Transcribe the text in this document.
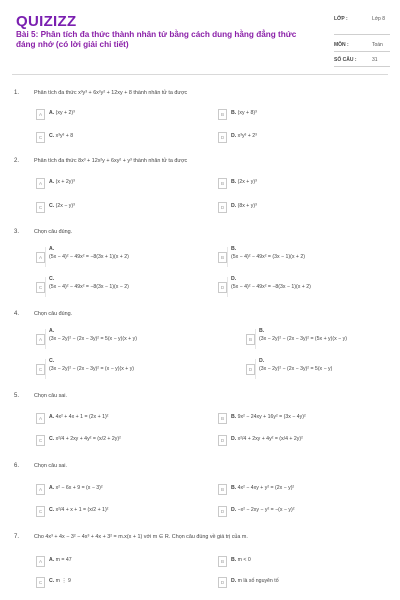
QUIZIZZ
Bài 5: Phân tích đa thức thành nhân tử bằng cách dung hằng đẳng thức đáng nhớ (có lời giải chi tiết)
LỚP :	Lớp 8
MÔN :	Toán
SỐ CÂU :	31
1.	Phân tích đa thức x³y³ + 6x²y² + 12xy + 8 thành nhân tử ta được
A	A. (xy + 2)³	B	B. (xy + 8)³
C	C. x³y³ + 8	D	D. x³y³ + 2³
2.	Phân tích đa thức 8x³ + 12x²y + 6xy² + y³ thành nhân tử ta được
A	A. (x + 2y)³	B	B. (2x + y)³
C	C. (2x − y)³	D	D. (8x + y)³
3.	Chọn câu đúng.
A
A.
(5x − 4)² − 49x² = −8(3x + 1)(x + 2)	B
B.
(5x − 4)² − 49x² = (3x − 1)(x + 2)
C
C.
(5x − 4)² − 49x² = −8(3x − 1)(x − 2)	D
D.
(5x − 4)² − 49x² = −8(3x − 1)(x + 2)
4.	Chọn câu đúng.
A
A.
(3x − 2y)² − (2x − 3y)² = 5(x − y)(x + y)	B
B.
(3x − 2y)² − (2x − 3y)² = (5x + y)(x − y)
C
C.
(3x − 2y)² − (2x − 3y)² = (x − y)(x + y)	D
D.
(3x − 2y)² − (2x − 3y)² = 5(x − y)
5.	Chọn câu sai.
A	A. 4x² + 4x + 1 = (2x + 1)²	B	B. 9x² − 24xy + 16y² = (3x − 4y)²
C	C. x²/4 + 2xy + 4y² = (x/2 + 2y)²	D	D. x²/4 + 2xy + 4y² = (x/4 + 2y)²
6.	Chọn câu sai.
A	A. x² − 6x + 9 = (x − 3)²	B	B. 4x² − 4xy + y² = (2x − y)²
C	C. x²/4 + x + 1 = (x/2 + 1)²	D	D. −x² − 2xy − y² = −(x − y)²
7.	Cho 4x³ + 4x − 3² − 4x³ + 4x + 3² = m.x(x + 1) với m ∈ R. Chọn câu đúng về giá trị của m.
A	A. m = 47	B	B. m < 0
C	C. m ⋮ 9	D	D. m là số nguyên tố
